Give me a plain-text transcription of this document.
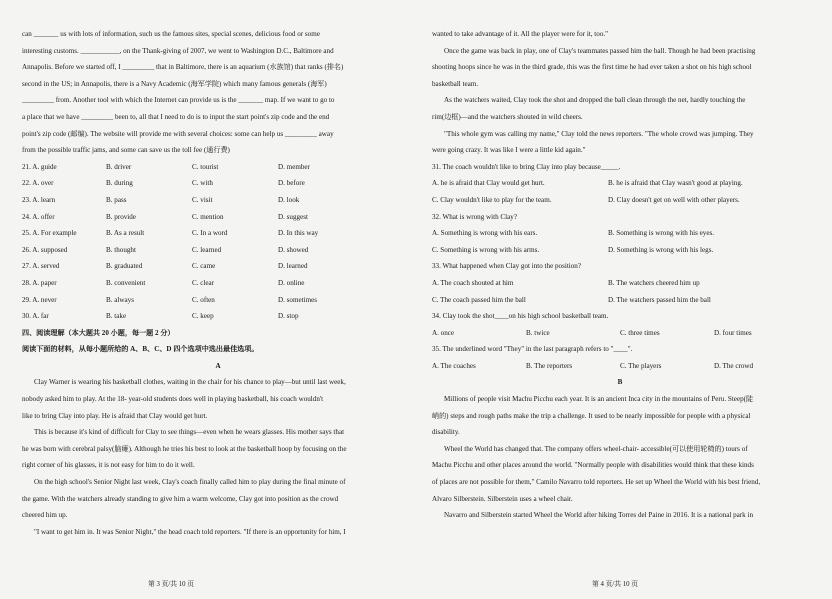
can _______ us with lots of information, such us the famous sites, special scenes, delicious food or some
interesting customs. ___________, on the Thank-giving of 2007, we went to Washington D.C., Baltimore and
Annapolis. Before we started off, I _________ that in Baltimore, there is an aquarium (水族馆) that ranks (排名)
second in the US; in Annapolis, there is a Navy Academic (海军学院) which many famous generals (海军)
_________ from. Another tool with which the Internet can provide us is the _______ map. If we want to go to
a place that we have _________ been to, all that I need to do is to input the start point's zip code and the end
point's zip code (邮编). The website will provide me with several choices: some can help us _________ away
from the possible traffic jams, and some can save us the toll fee (通行费)
21. A. guide	B. driver	C. tourist	D. member
22. A. over	B. during	C. with	D. before
23. A. learn	B. pass	C. visit	D. look
24. A. offer	B. provide	C. mention	D. suggest
25. A. For example	B. As a result	C. In a word	D. In this way
26. A. supposed	B. thought	C. learned	D. showed
27. A. served	B. graduated	C. came	D. learned
28. A. paper	B. convenient	C. clear	D. online
29. A. never	B. always	C. often	D. sometimes
30. A. far	B. take	C. keep	D. stop
四、阅读理解（本大题共 20 小题，每一题 2 分）
阅读下面的材料，从每小题所给的 A、B、C、D 四个选项中选出最佳选项。
A
Clay Warner is wearing his basketball clothes, waiting in the chair for his chance to play—but until last week,
nobody asked him to play. At the 18- year-old students does well in playing basketball, his coach wouldn't
like to bring Clay into play. He is afraid that Clay would get hurt.
This is because it's kind of difficult for Clay to see things—even when he wears glasses. His mother says that
he was born with cerebral palsy(脑瘫). Although he tries his best to look at the basketball hoop by focusing on the
right corner of his glasses, it is not easy for him to do it well.
On the high school's Senior Night last week, Clay's coach finally called him to play during the final minute of
the game. With the watchers already standing to give him a warm welcome, Clay got into position as the crowd
cheered him up.
"I want to get him in. It was Senior Night," the head coach told reporters. "If there is an opportunity for him, I
wanted to take advantage of it. All the player were for it, too."
Once the game was back in play, one of Clay's teammates passed him the ball. Though he had been practising
shooting hoops since he was in the third grade, this was the first time he had ever taken a shot on his high school
basketball team.
As the watchers waited, Clay took the shot and dropped the ball clean through the net, hardly touching the
rim(边框)—and the watchers shouted in wild cheers.
"This whole gym was calling my name," Clay told the news reporters. "The whole crowd was jumping. They
were going crazy. It was like I were a little kid again."
31. The coach wouldn't like to bring Clay into play because_____.
A. he is afraid that Clay would get hurt.	B. he is afraid that Clay wasn't good at playing.
C. Clay wouldn't like to play for the team.	D. Clay doesn't get on well with other players.
32. What is wrong with Clay?
A. Something is wrong with his ears.	B. Something is wrong with his eyes.
C. Something is wrong with his arms.	D. Something is wrong with his legs.
33. What happened when Clay got into the position?
A. The coach shouted at him	B. The watchers cheered him up
C. The coach passed him the ball	D. The watchers passed him the ball
34. Clay took the shot____on his high school basketball team.
A. once	B. twice	C. three times	D. four times
35. The underlined word "They" in the last paragraph refers to "____".
A. The coaches	B. The reporters	C. The players	D. The crowd
B
Millions of people visit Machu Picchu each year. It is an ancient Inca city in the mountains of Peru. Steep(陡
峭的) steps and rough paths make the trip a challenge. It used to be nearly impossible for people with a physical
disability.
Wheel the World has changed that. The company offers wheel-chair- accessible(可以使用轮椅的) tours of
Machu Picchu and other places around the world. "Normally people with disabilities would think that these kinds
of places are not possible for them," Camilo Navarro told reporters. He set up Wheel the World with his best friend,
Alvaro Silberstein. Silberstein uses a wheel chair.
Navarro and Silberstein started Wheel the World after hiking Torres del Paine in 2016. It is a national park in
第 3 页/共 10 页	第 4 页/共 10 页
